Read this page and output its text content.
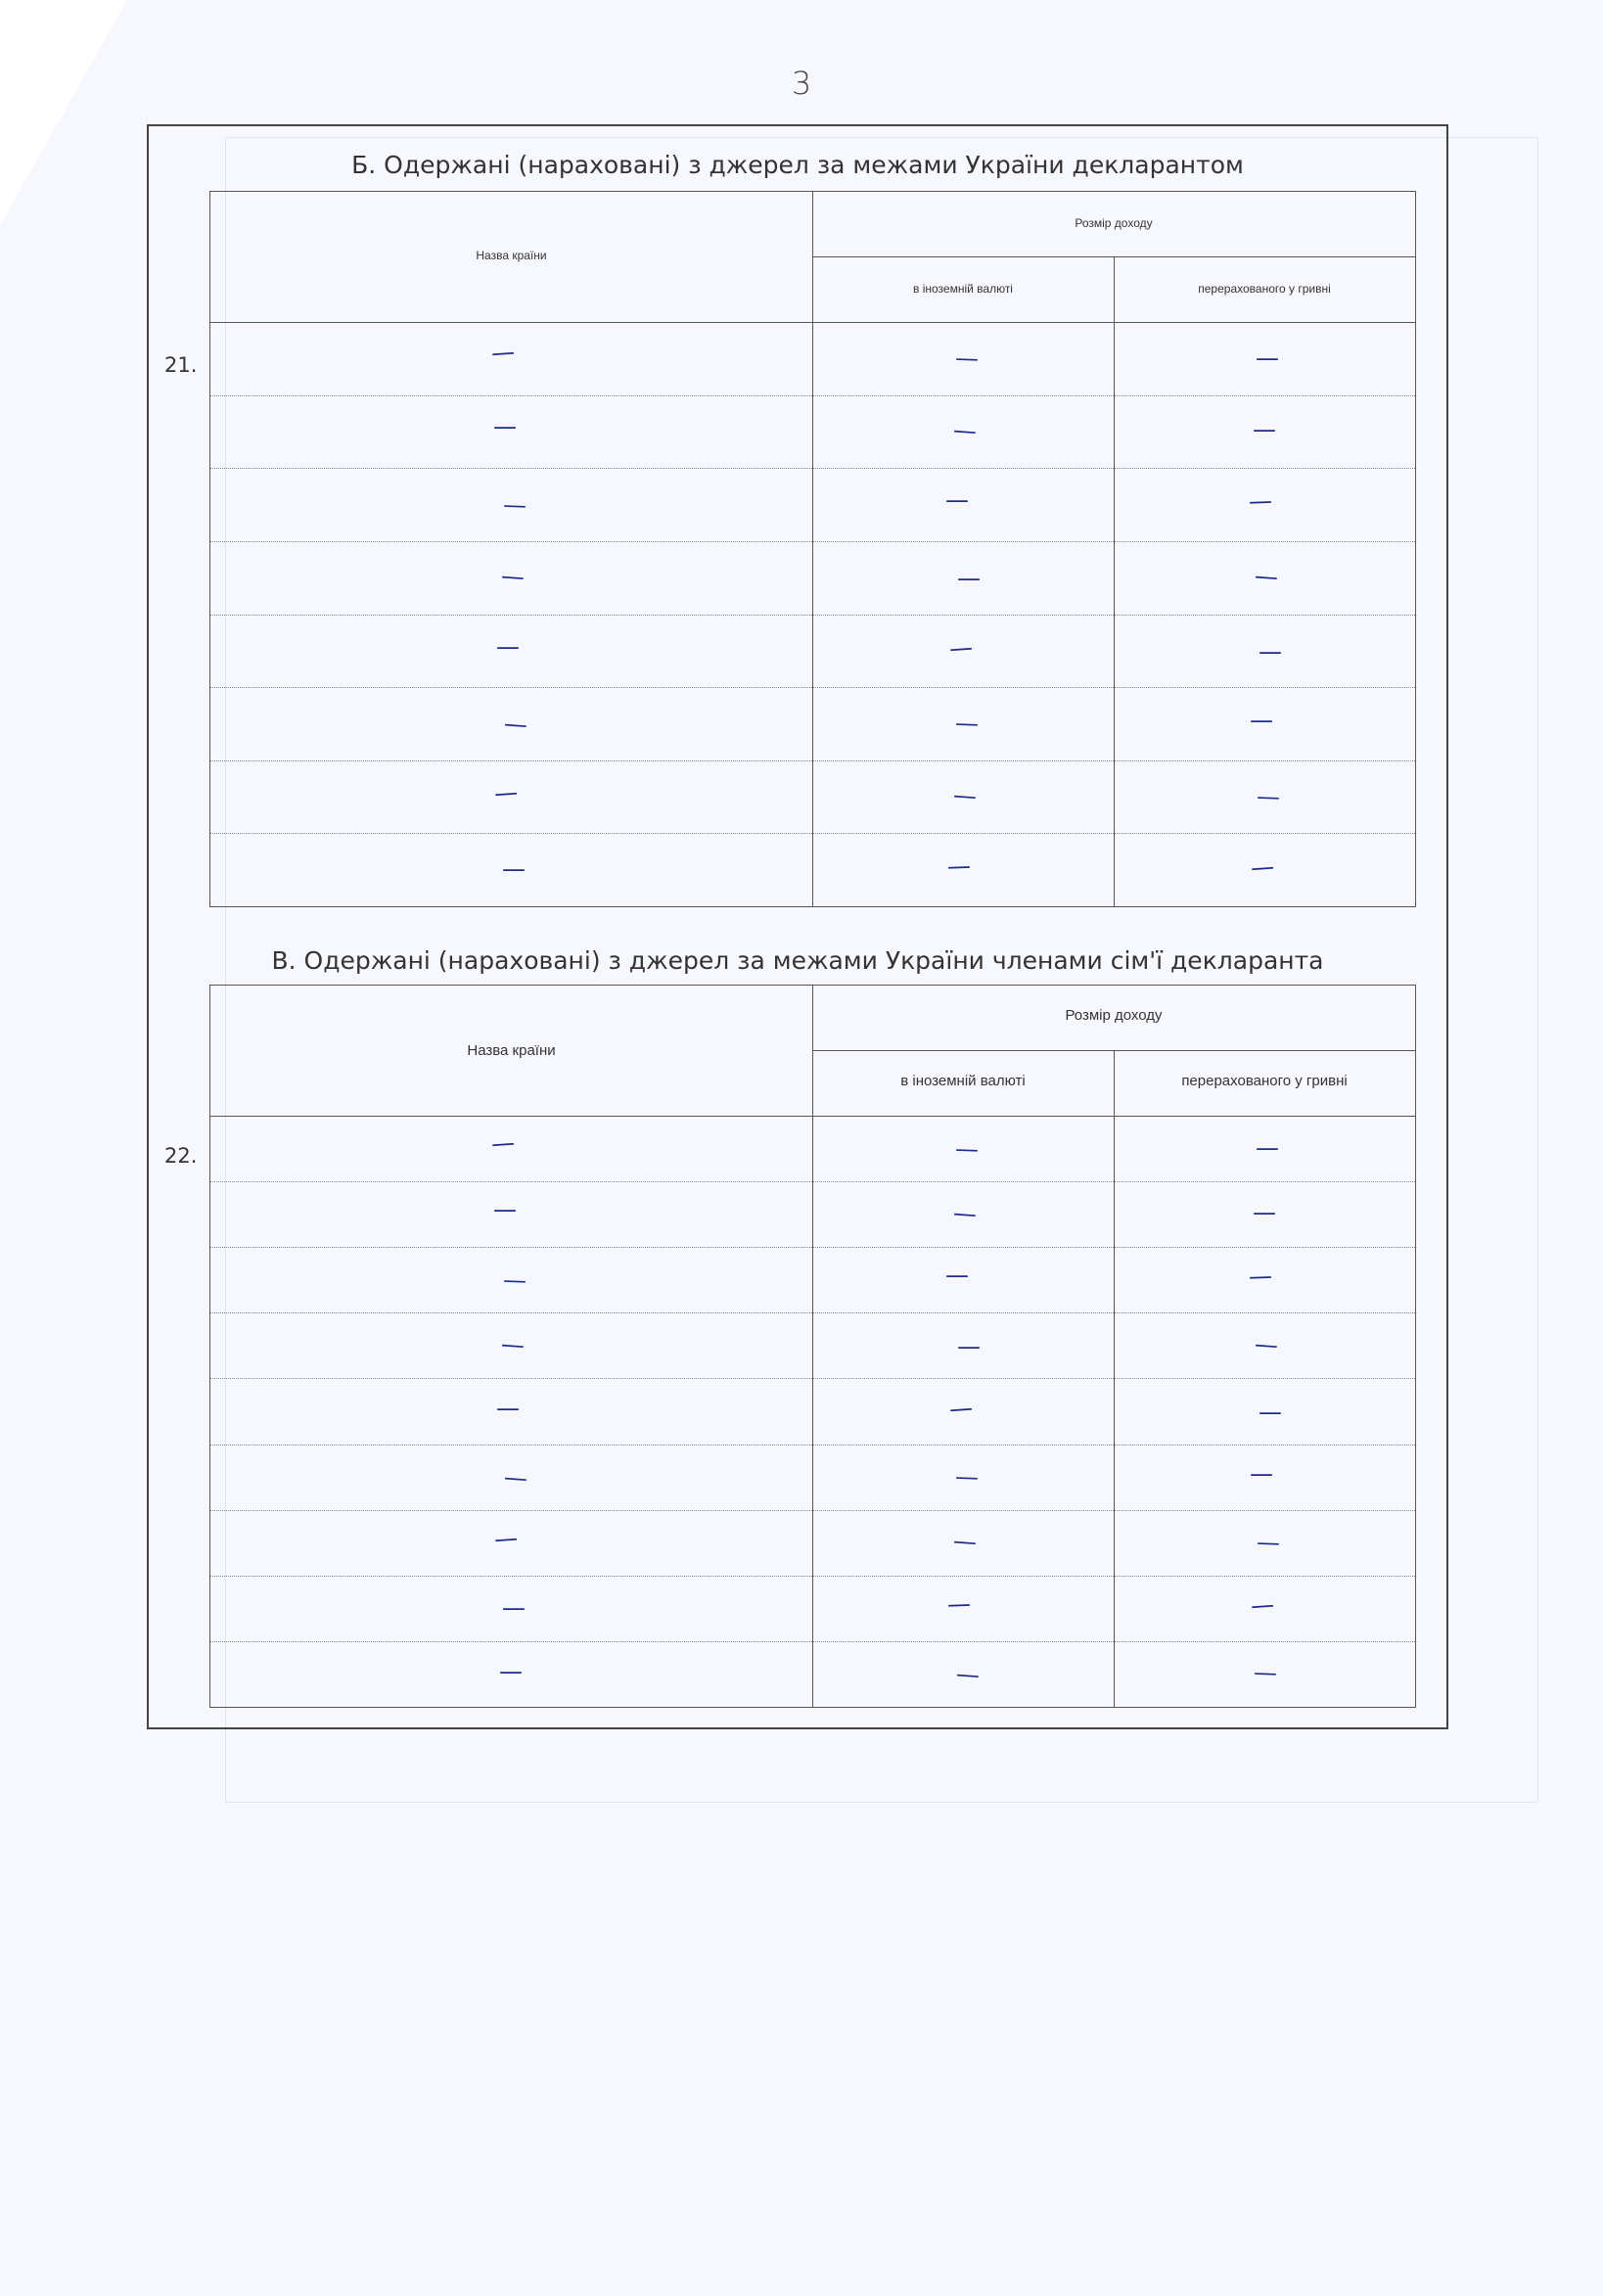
3
Б. Одержані (нараховані) з джерел за межами України декларантом
Назва країни
Розмір доходу
в іноземній валюті	перерахованого у гривні
—	—	—
—	—	—
—	—	—
—	—	—
—	—	—
—	—	—
—	—	—
—	—	—
21.
В. Одержані (нараховані) з джерел за межами України членами сім'ї декларанта
Назва країни
Розмір доходу
в іноземній валюті	перерахованого у гривні
—	—	—
—	—	—
—	—	—
—	—	—
—	—	—
—	—	—
—	—	—
—	—	—
—	—	—
22.
